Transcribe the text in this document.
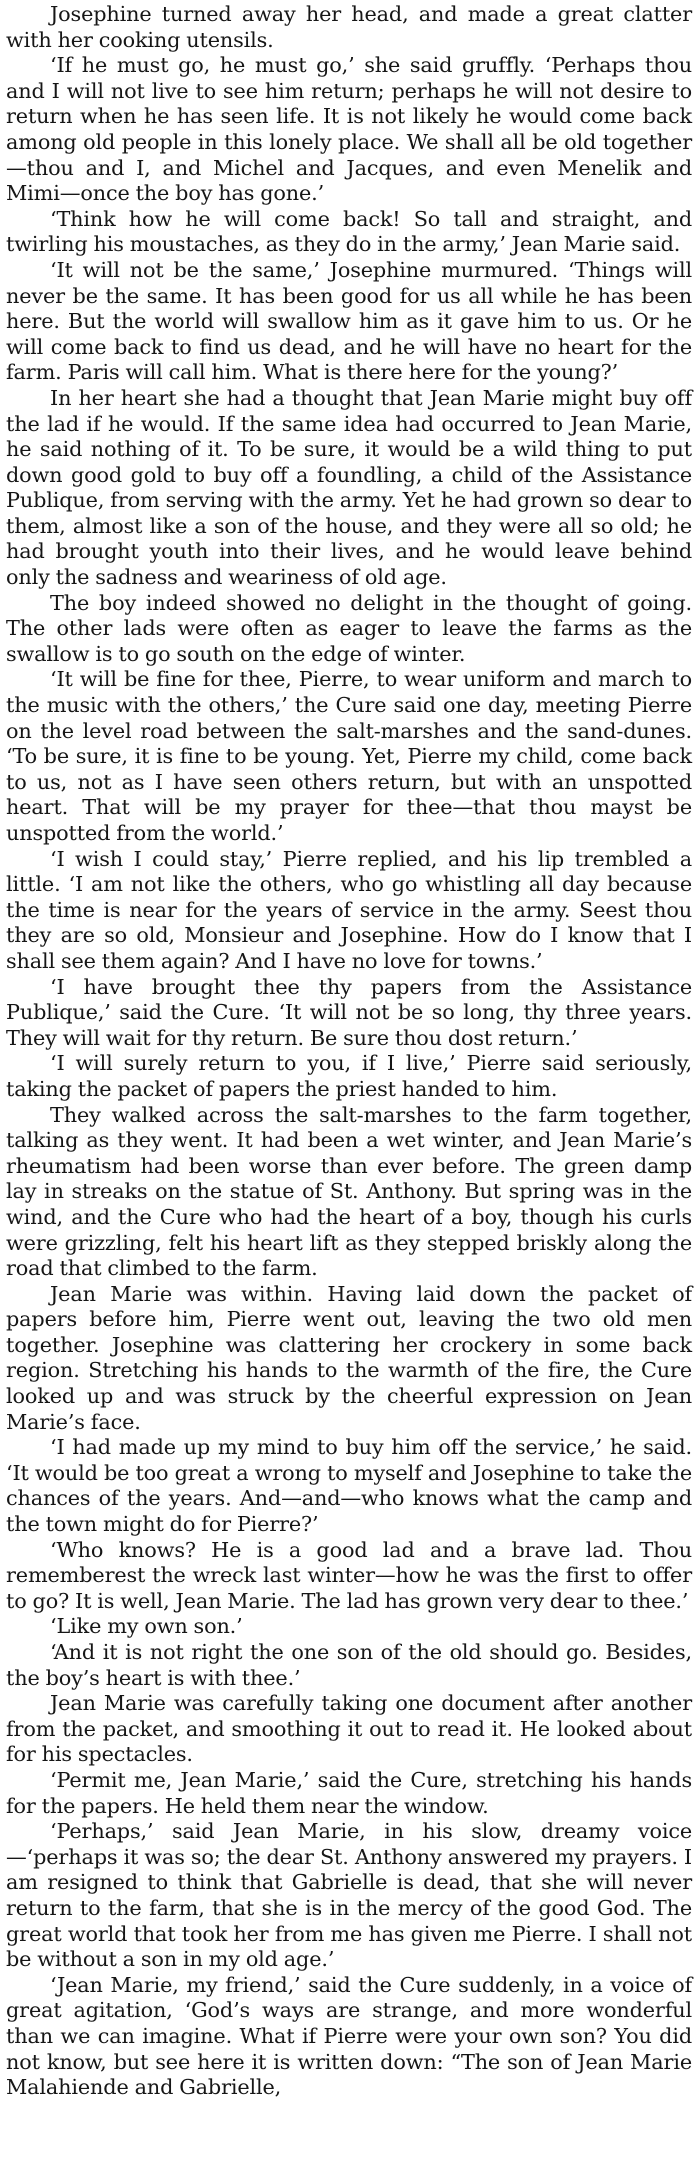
Josephine turned away her head, and made a great clatter with her cooking utensils.

‘If he must go, he must go,’ she said gruffly. ‘Perhaps thou and I will not live to see him return; perhaps he will not desire to return when he has seen life. It is not likely he would come back among old people in this lonely place. We shall all be old together—thou and I, and Michel and Jacques, and even Menelik and Mimi—once the boy has gone.’

‘Think how he will come back! So tall and straight, and twirling his moustaches, as they do in the army,’ Jean Marie said.

‘It will not be the same,’ Josephine murmured. ‘Things will never be the same. It has been good for us all while he has been here. But the world will swallow him as it gave him to us. Or he will come back to find us dead, and he will have no heart for the farm. Paris will call him. What is there here for the young?’

In her heart she had a thought that Jean Marie might buy off the lad if he would. If the same idea had occurred to Jean Marie, he said nothing of it. To be sure, it would be a wild thing to put down good gold to buy off a foundling, a child of the Assistance Publique, from serving with the army. Yet he had grown so dear to them, almost like a son of the house, and they were all so old; he had brought youth into their lives, and he would leave behind only the sadness and weariness of old age.

The boy indeed showed no delight in the thought of going. The other lads were often as eager to leave the farms as the swallow is to go south on the edge of winter.

‘It will be fine for thee, Pierre, to wear uniform and march to the music with the others,’ the Cure said one day, meeting Pierre on the level road between the salt-marshes and the sand-dunes. ‘To be sure, it is fine to be young. Yet, Pierre my child, come back to us, not as I have seen others return, but with an unspotted heart. That will be my prayer for thee—that thou mayst be unspotted from the world.’

‘I wish I could stay,’ Pierre replied, and his lip trembled a little. ‘I am not like the others, who go whistling all day because the time is near for the years of service in the army. Seest thou they are so old, Monsieur and Josephine. How do I know that I shall see them again? And I have no love for towns.’

‘I have brought thee thy papers from the Assistance Publique,’ said the Cure. ‘It will not be so long, thy three years. They will wait for thy return. Be sure thou dost return.’

‘I will surely return to you, if I live,’ Pierre said seriously, taking the packet of papers the priest handed to him.

They walked across the salt-marshes to the farm together, talking as they went. It had been a wet winter, and Jean Marie’s rheumatism had been worse than ever before. The green damp lay in streaks on the statue of St. Anthony. But spring was in the wind, and the Cure who had the heart of a boy, though his curls were grizzling, felt his heart lift as they stepped briskly along the road that climbed to the farm.

Jean Marie was within. Having laid down the packet of papers before him, Pierre went out, leaving the two old men together. Josephine was clattering her crockery in some back region. Stretching his hands to the warmth of the fire, the Cure looked up and was struck by the cheerful expression on Jean Marie’s face.

‘I had made up my mind to buy him off the service,’ he said. ‘It would be too great a wrong to myself and Josephine to take the chances of the years. And—and—who knows what the camp and the town might do for Pierre?’

‘Who knows? He is a good lad and a brave lad. Thou rememberest the wreck last winter—how he was the first to offer to go? It is well, Jean Marie. The lad has grown very dear to thee.’

‘Like my own son.’

‘And it is not right the one son of the old should go. Besides, the boy’s heart is with thee.’

Jean Marie was carefully taking one document after another from the packet, and smoothing it out to read it. He looked about for his spectacles.

‘Permit me, Jean Marie,’ said the Cure, stretching his hands for the papers. He held them near the window.

‘Perhaps,’ said Jean Marie, in his slow, dreamy voice—‘perhaps it was so; the dear St. Anthony answered my prayers. I am resigned to think that Gabrielle is dead, that she will never return to the farm, that she is in the mercy of the good God. The great world that took her from me has given me Pierre. I shall not be without a son in my old age.’

‘Jean Marie, my friend,’ said the Cure suddenly, in a voice of great agitation, ‘God’s ways are strange, and more wonderful than we can imagine. What if Pierre were your own son? You did not know, but see here it is written down: “The son of Jean Marie Malahiende and Gabrielle,
